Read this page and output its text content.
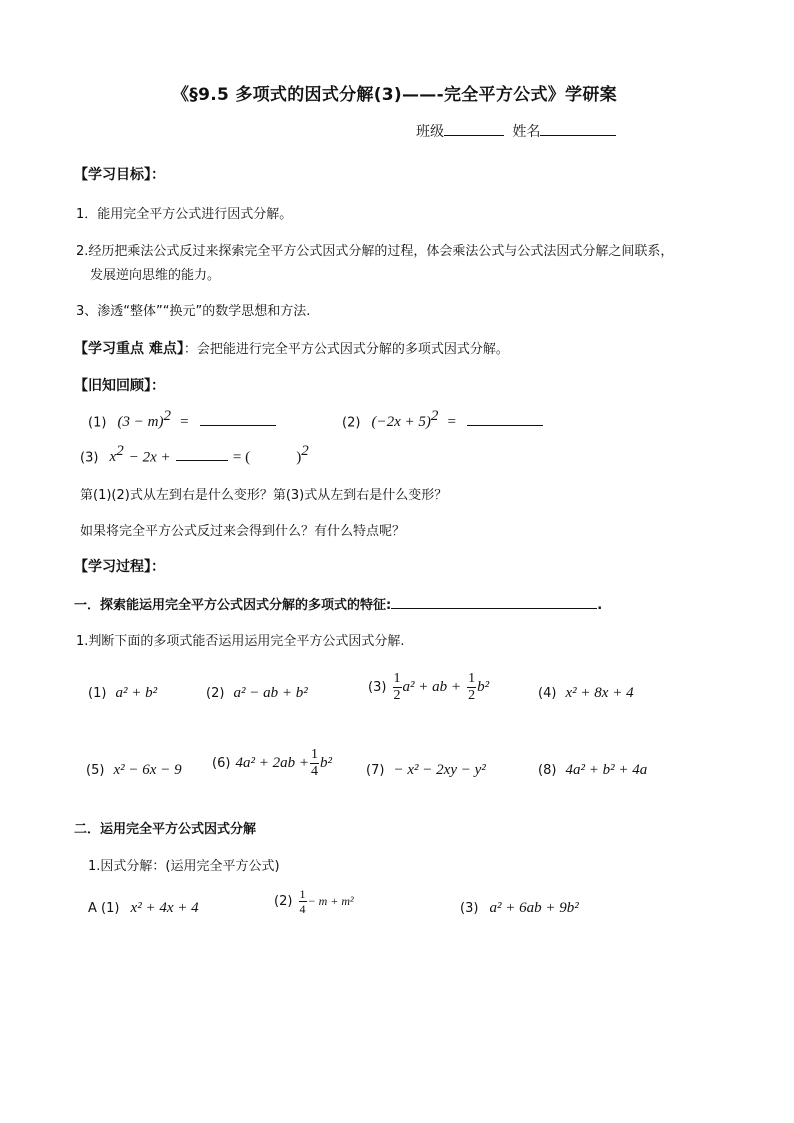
《§9.5 多项式的因式分解(3)——-完全平方公式》学研案
班级	姓名
【学习目标】：
1．能用完全平方公式进行因式分解。
2.经历把乘法公式反过来探索完全平方公式因式分解的过程，体会乘法公式与公式法因式分解之间联系，
发展逆向思维的能力。
3、渗透“整体”“换元”的数学思想和方法.
【学习重点 难点】：会把能进行完全平方公式因式分解的多项式因式分解。
【旧知回顾】：
(1) $(3 - m)^2$ =	(2) $(-2x + 5)^2$ =
(3) $x^2 - 2x$ +	= (	)$^2$
第(1)(2)式从左到右是什么变形？第(3)式从左到右是什么变形？
如果将完全平方公式反过来会得到什么？有什么特点呢？
【学习过程】：
一．探索能运用完全平方公式因式分解的多项式的特征:	.
1.判断下面的多项式能否运用运用完全平方公式因式分解.
(1) a² + b²	(2) a² − ab + b²	$(3) \frac{1}{2} a^2$ + ab + $\frac{1}{2} b^2$	(4) x² + 8x + 4
(5) x² − 6x − 9 (6) $4a^2 + 2ab + \frac{1}{4} b^2$	(7) − x² − 2xy − y²	(8) 4a² + b² + 4a
二．运用完全平方公式因式分解
1.因式分解：(运用完全平方公式)
A (1) x² + 4x + 4	$(2) \frac{1}{4} - m + m^2$	(3) a² + 6ab + 9b²
